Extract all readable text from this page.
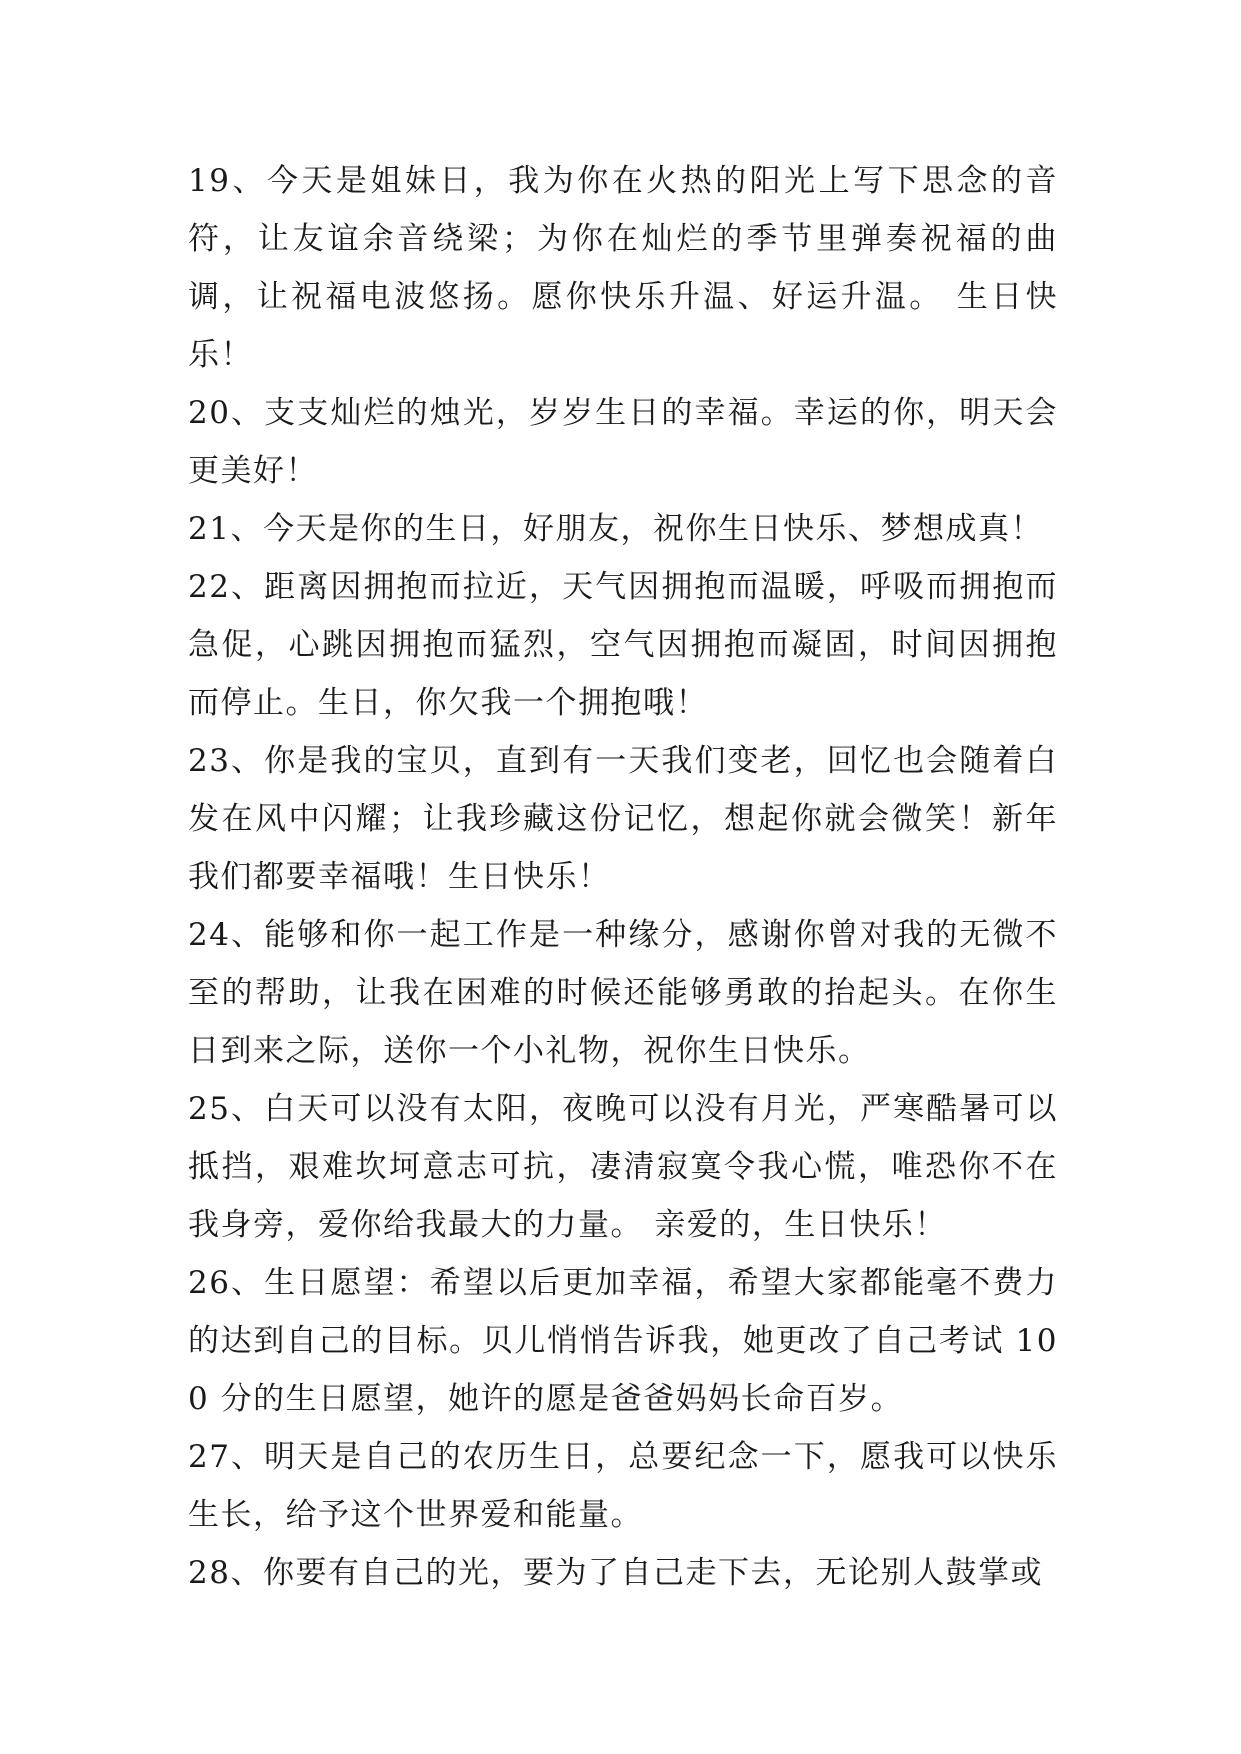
19、今天是姐妹日，我为你在火热的阳光上写下思念的音符，让友谊余音绕梁；为你在灿烂的季节里弹奏祝福的曲调，让祝福电波悠扬。愿你快乐升温、好运升温。 生日快乐！

20、支支灿烂的烛光，岁岁生日的幸福。幸运的你，明天会更美好！

21、今天是你的生日，好朋友，祝你生日快乐、梦想成真！

22、距离因拥抱而拉近，天气因拥抱而温暖，呼吸而拥抱而急促，心跳因拥抱而猛烈，空气因拥抱而凝固，时间因拥抱而停止。生日，你欠我一个拥抱哦！

23、你是我的宝贝，直到有一天我们变老，回忆也会随着白发在风中闪耀；让我珍藏这份记忆，想起你就会微笑！新年我们都要幸福哦！生日快乐！

24、能够和你一起工作是一种缘分，感谢你曾对我的无微不至的帮助，让我在困难的时候还能够勇敢的抬起头。在你生日到来之际，送你一个小礼物，祝你生日快乐。

25、白天可以没有太阳，夜晚可以没有月光，严寒酷暑可以抵挡，艰难坎坷意志可抗，凄清寂寞令我心慌，唯恐你不在我身旁，爱你给我最大的力量。 亲爱的，生日快乐！

26、生日愿望：希望以后更加幸福，希望大家都能毫不费力的达到自己的目标。贝儿悄悄告诉我，她更改了自己考试 100 分的生日愿望，她许的愿是爸爸妈妈长命百岁。

27、明天是自己的农历生日，总要纪念一下，愿我可以快乐生长，给予这个世界爱和能量。

28、你要有自己的光，要为了自己走下去，无论别人鼓掌或
